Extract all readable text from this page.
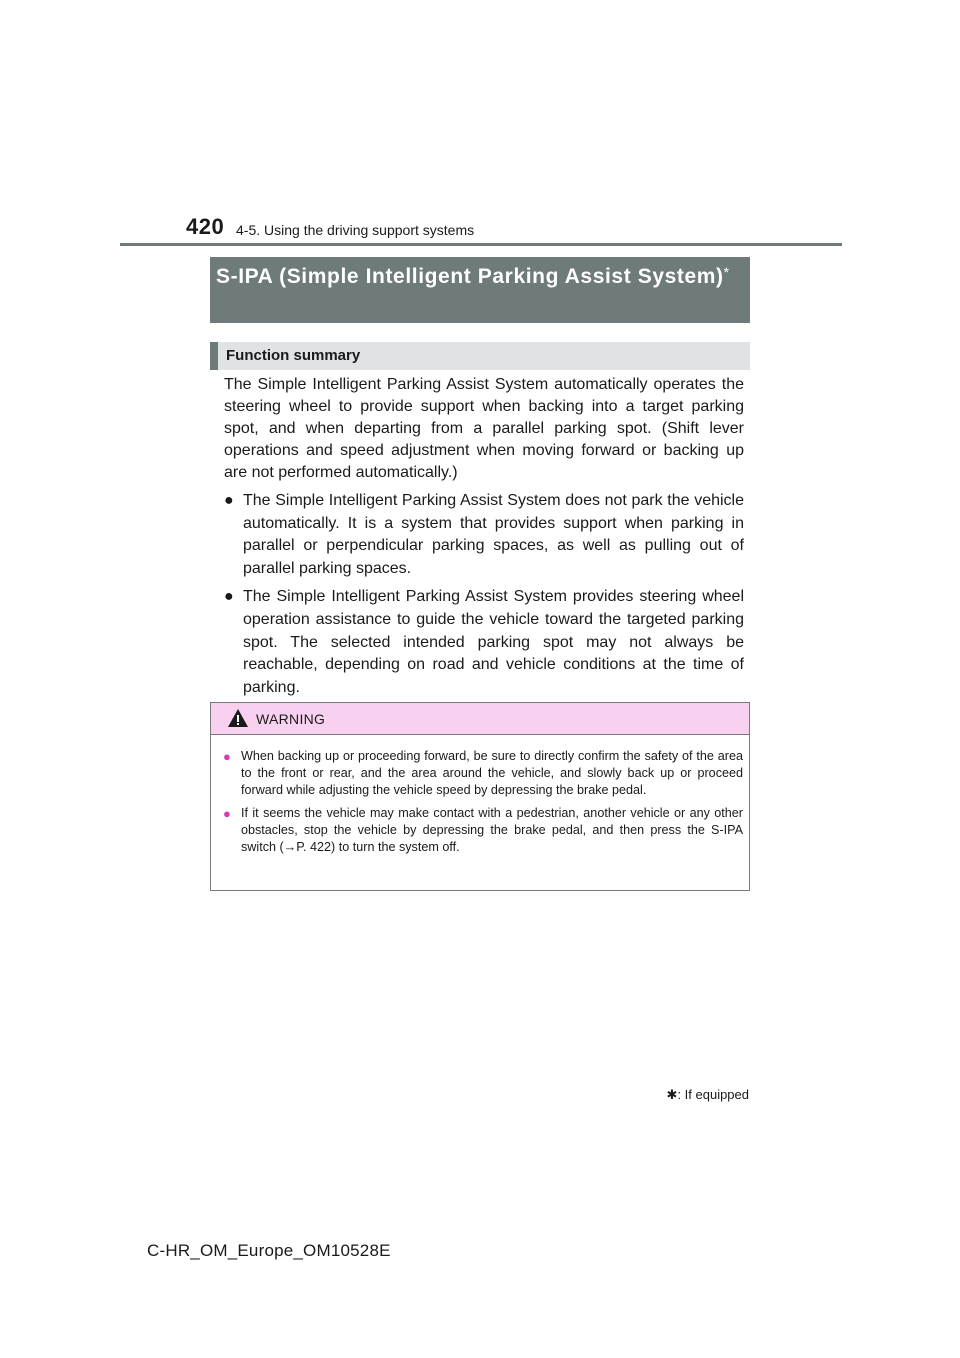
420 4-5. Using the driving support systems
S-IPA (Simple Intelligent Parking Assist System)*
Function summary

The Simple Intelligent Parking Assist System automatically operates the steering wheel to provide support when backing into a target parking spot, and when departing from a parallel parking spot. (Shift lever operations and speed adjustment when moving forward or backing up are not performed automatically.)

● The Simple Intelligent Parking Assist System does not park the vehicle automatically. It is a system that provides support when parking in parallel or perpendicular parking spaces, as well as pulling out of parallel parking spaces.
● The Simple Intelligent Parking Assist System provides steering wheel operation assistance to guide the vehicle toward the targeted parking spot. The selected intended parking spot may not always be reachable, depending on road and vehicle conditions at the time of parking.
WARNING
● When backing up or proceeding forward, be sure to directly confirm the safety of the area to the front or rear, and the area around the vehicle, and slowly back up or proceed forward while adjusting the vehicle speed by depressing the brake pedal.
● If it seems the vehicle may make contact with a pedestrian, another vehicle or any other obstacles, stop the vehicle by depressing the brake pedal, and then press the S-IPA switch (→P. 422) to turn the system off.
✱: If equipped
C-HR_OM_Europe_OM10528E
